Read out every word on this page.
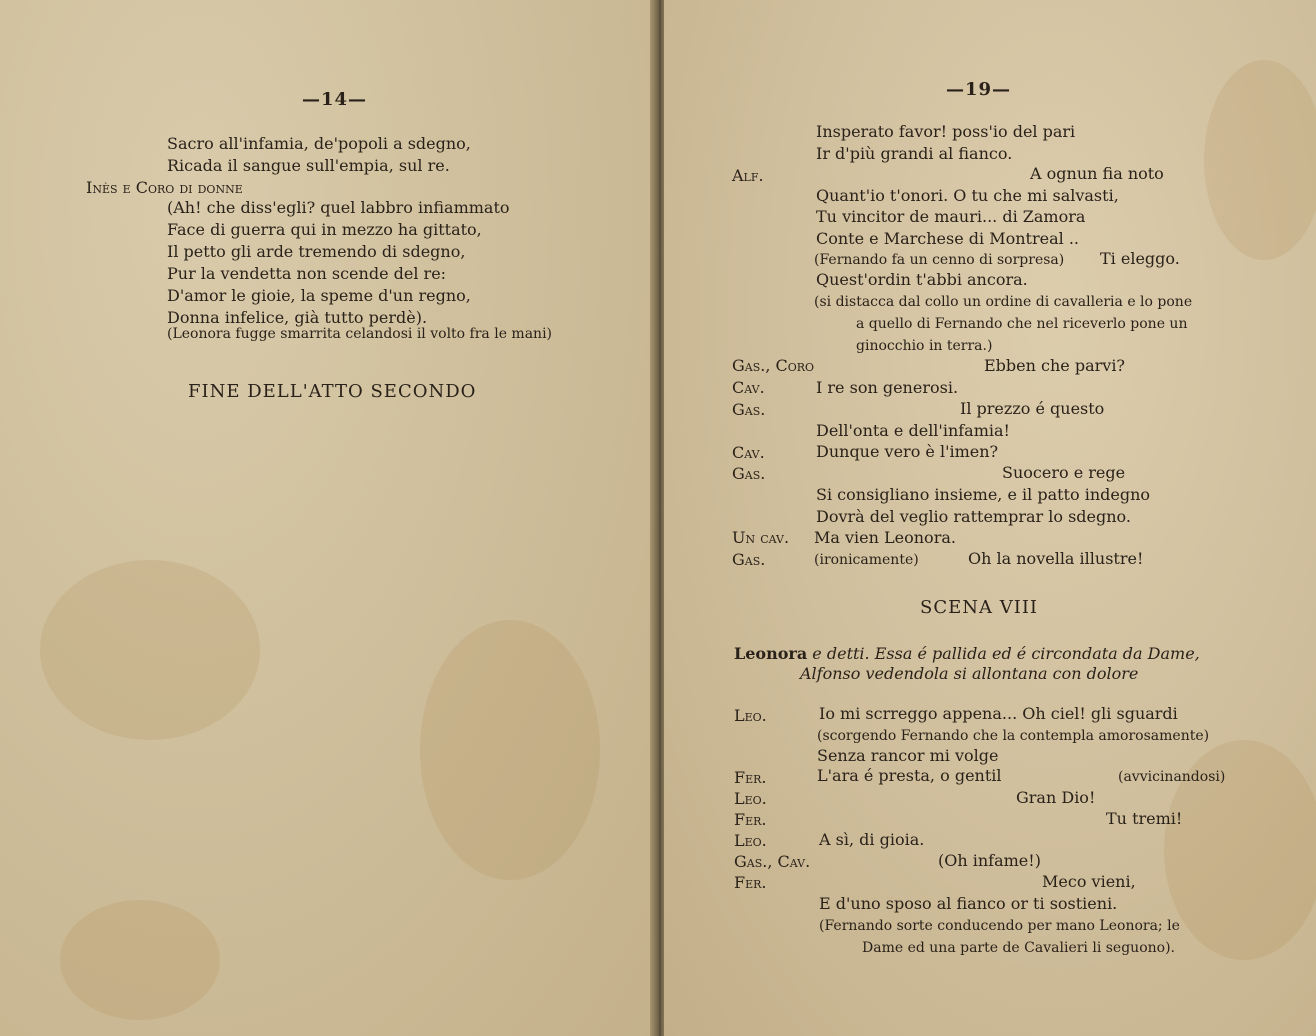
—14—
Sacro all'infamia, de'popoli a sdegno,
Ricada il sangue sull'empia, sul re.
Inès e Coro di donne
(Ah! che diss'egli? quel labbro infiammato
Face di guerra qui in mezzo ha gittato,
Il petto gli arde tremendo di sdegno,
Pur la vendetta non scende del re:
D'amor le gioie, la speme d'un regno,
Donna infelice, già tutto perdè).
(Leonora fugge smarrita celandosi il volto fra le mani)
FINE DELL'ATTO SECONDO
—19—
Insperato favor! poss'io del pari
Ir d'più grandi al fianco.
Alf.	A ognun fia noto
Quant'io t'onori. O tu che mi salvasti,
Tu vincitor de mauri... di Zamora
Conte e Marchese di Montreal ..
(Fernando fa un cenno di sorpresa) Ti eleggo.
Quest'ordin t'abbi ancora.
(si distacca dal collo un ordine di cavalleria e lo pone
a quello di Fernando che nel riceverlo pone un
ginocchio in terra.)
Gas., Coro	Ebben che parvi?
Cav.	I re son generosi.
Gas.	Il prezzo é questo
Dell'onta e dell'infamia!
Cav.	Dunque vero è l'imen?
Gas.	Suocero e rege
Si consigliano insieme, e il patto indegno
Dovrà del veglio rattemprar lo sdegno.
Un cav. Ma vien Leonora.
Gas.	(ironicamente)	Oh la novella illustre!
SCENA VIII
Leonora e detti. Essa é pallida ed é circondata da Dame,
Alfonso vedendola si allontana con dolore
Leo.	Io mi scrreggo appena... Oh ciel! gli sguardi
(scorgendo Fernando che la contempla amorosamente)
Senza rancor mi volge
Fer.	L'ara é presta, o gentil	(avvicinandosi)
Leo.	Gran Dio!
Fer.	Tu tremi!
Leo.	A sì, di gioia.
Gas., Cav.	(Oh infame!)
Fer.	Meco vieni,
E d'uno sposo al fianco or ti sostieni.
(Fernando sorte conducendo per mano Leonora; le
Dame ed una parte de Cavalieri li seguono).
